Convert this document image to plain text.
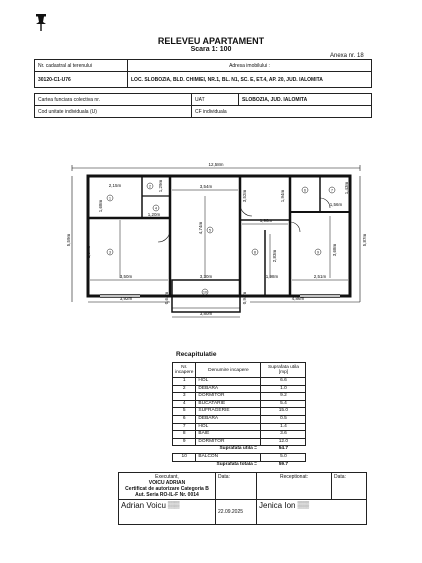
RELEVEU APARTAMENT
Scara 1: 100
Anexa nr. 18
Nr. cadastral al terenului	Adresa imobilului :
30120-C1-U76	LOC. SLOBOZIA, BLD. CHIMIEI, NR.1, BL. N1, SC. E, ET.4, AP. 20, JUD. IALOMITA
Cartea funciara colectiva nr.	UAT	SLOBOZIA, JUD. IALOMITA
Cod unitate individuala (U)	CF individuala	
12,58m
5,59m	5,87m
2,15m
1,68m
1,20m
1,29m	3,54m
4,74m
1,94m
1,56m
1,96m
3,52m
2,83m
3,50m	3,30m	1,98m	2,51m
3,68m
3,92m	4,86m
3,80m
1,37m
1,43m
0,64m	0,94m
1
2
3
4
5
6	7
8	9
10
Recapitulatie
Nr. incapere	Denumire incapere	Suprafata utila [mp]
1	HOL	6.6
2	DEBARA	1.0
3	DORMITOR	9.2
4	BUCATARIE	5.4
5	SUFRAGERIE	15.0
6	DEBARA	0.5
7	HOL	1.4
8	BAIE	3.6
9	DORMITOR	12.0
Suprafata utila =		54.7
10	BALCON	5.0
Suprafata totala =		59.7
Executant,
VOICU ADRIAN
Certificat de autorizare Categoria B
Aut. Seria RO-IL-F Nr. 0014	Data:	Receptionat:	Data:

Adrian Voicu ▒▒▒▒▒
▒▒▒▒▒	22.09.2025	Jenica Ion ▒▒▒▒▒
▒▒▒▒▒	
